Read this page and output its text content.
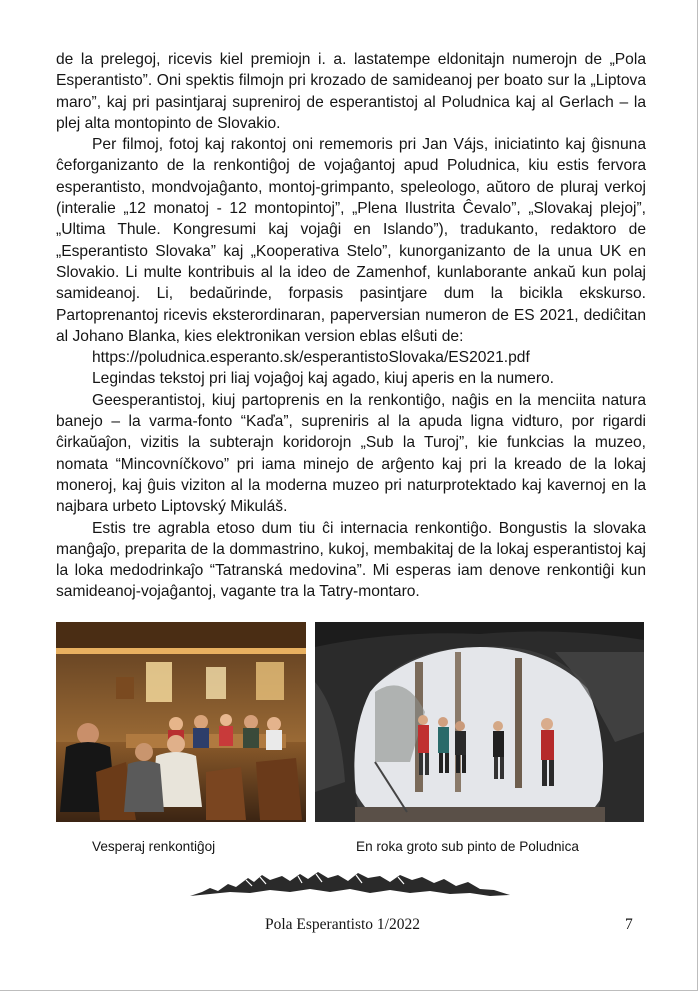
de la prelegoj, ricevis kiel premiojn i. a. lastatempe eldonitajn numerojn de „Pola Esperantisto”. Oni spektis filmojn pri krozado de samideanoj per boato sur la „Liptova maro”, kaj pri pasintjaraj supreniroj de esperantistoj al Poludnica kaj al Gerlach – la plej alta montopinto de Slovakio.

Per filmoj, fotoj kaj rakontoj oni rememoris pri Jan Vájs, iniciatinto kaj ĝisnuna ĉeforganizanto de la renkontiĝoj de vojaĝantoj apud Poludnica, kiu estis fervora esperantisto, mondvojaĝanto, montoj-grimpanto, speleologo, aŭtoro de pluraj verkoj (interalie „12 monatoj - 12 montopintoj”, „Plena Ilustrita Ĉevalo”, „Slovakaj plejoj”, „Ultima Thule. Kongresumi kaj vojaĝi en Islando”), tradukanto, redaktoro de „Esperantisto Slovaka” kaj „Kooperativa Stelo”, kunorganizanto de la unua UK en Slovakio. Li multe kontribuis al la ideo de Zamenhof, kunlaborante ankaŭ kun polaj samideanoj. Li, bedaŭrinde, forpasis pasintjare dum la bicikla ekskurso. Partoprenantoj ricevis eksterordinaran, paperversian numeron de ES 2021, dediĉitan al Johano Blanka, kies elektronikan version eblas elŝuti de:

https://poludnica.esperanto.sk/esperantistoSlovaka/ES2021.pdf

Legindas tekstoj pri liaj vojaĝoj kaj agado, kiuj aperis en la numero.

Geesperantistoj, kiuj partoprenis en la renkontiĝo, naĝis en la menciita natura banejo – la varma-fonto “Kaďa”, supreniris al la apuda ligna vidturo, por rigardi ĉirkaŭaĵon, vizitis la subterajn koridorojn „Sub la Turoj”, kie funkcias la muzeo, nomata “Mincovníčkovo” pri iama minejo de arĝento kaj pri la kreado de la lokaj moneroj, kaj ĝuis viziton al la moderna muzeo pri naturprotektado kaj kavernoj en la najbara urbeto Liptovský Mikuláš.

Estis tre agrabla etoso dum tiu ĉi internacia renkontiĝo. Bongustis la slovaka manĝaĵo, preparita de la dommastrino, kukoj, membakitaj de la lokaj esperantistoj kaj la loka medodrinkaĵo “Tatranská medovina”. Mi esperas iam denove renkontiĝi kun samideanoj-vojaĝantoj, vagante tra la Tatry-montaro.

Vesperaj renkontiĝoj	En roka groto sub pinto de Poludnica
Pola Esperantisto 1/2022	7
